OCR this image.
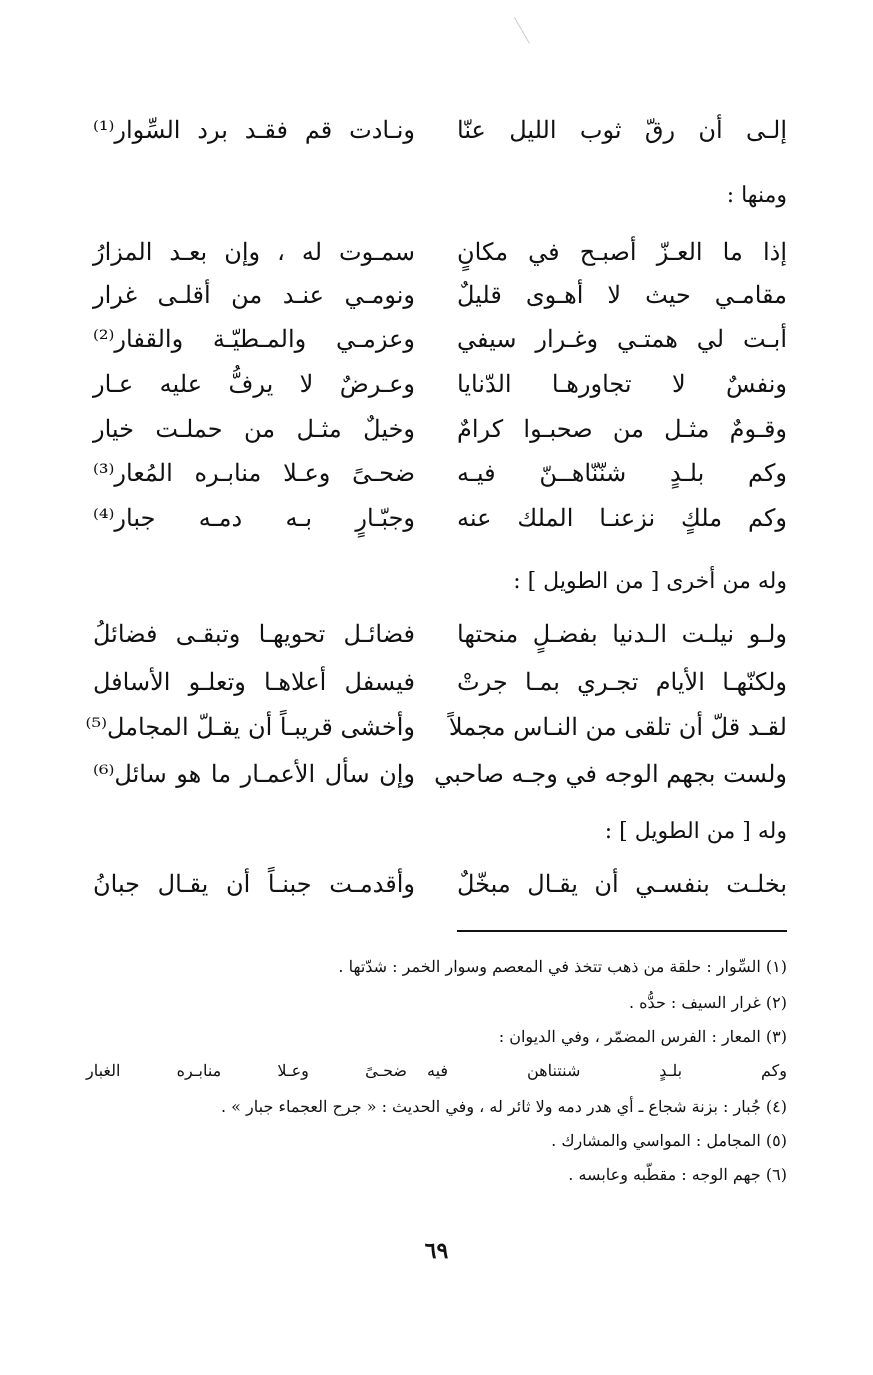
إلـى أن رقّ ثوب الليل عنّا
ونـادت قم فقـد برد السِّوار⁽¹⁾
ومنها :
إذا ما العـزّ أصبـح في مكانٍ
سمـوت له ، وإن بعـد المزارُ
مقامـي حيث لا أهـوى قليلٌ
ونومـي عنـد من أقلـى غرار
أبـت لي همتـي وغـرار سيفي
وعزمـي والمـطيّـة والقفار⁽²⁾
ونفسٌ لا تجاورهـا الدّنايا
وعـرضٌ لا يرفُّ عليه عـار
وقـومٌ مثـل من صحبـوا كرامٌ
وخيلٌ مثـل من حملـت خيار
وكم بلـدٍ شنّنّاهــنّ فيـه
ضحـىً وعـلا منابـره المُعار⁽³⁾
وكم ملكٍ نزعنـا الملك عنه
وجبّـارٍ بـه دمـه جبار⁽⁴⁾
وله من أخرى [ من الطويل ] :
ولـو نيلـت الـدنيا بفضـلٍ منحتها
فضائـل تحويهـا وتبقـى فضائلُ
ولكنّهـا الأيام تجـري بمـا جرتْ
فيسفل أعلاهـا وتعلـو الأسافل
لقـد قلّ أن تلقى من النـاس مجملاً
وأخشى قريبـاً أن يقـلّ المجامل⁽⁵⁾
ولست بجهم الوجه في وجـه صاحبي
وإن سأل الأعمـار ما هو سائل⁽⁶⁾
وله [ من الطويل ] :
بخلـت بنفسـي أن يقـال مبخّلٌ
وأقدمـت جبنـاً أن يقـال جبانُ
(١) السِّوار : حلقة من ذهب تتخذ في المعصم وسوار الخمر : شدّتها .
(٢) غرار السيف : حدُّه .
(٣) المعار : الفرس المضمّر ، وفي الديوان :
وكم بلـدٍ شنتناهن فيه
ضحـىً وعـلا منابـره الغبار
(٤) جُبار : بزنة شجاع ـ أي هدر دمه ولا ثائر له ، وفي الحديث : « جرح العجماء جبار » .
(٥) المجامل : المواسي والمشارك .
(٦) جهم الوجه : مقطّبه وعابسه .
٦٩
